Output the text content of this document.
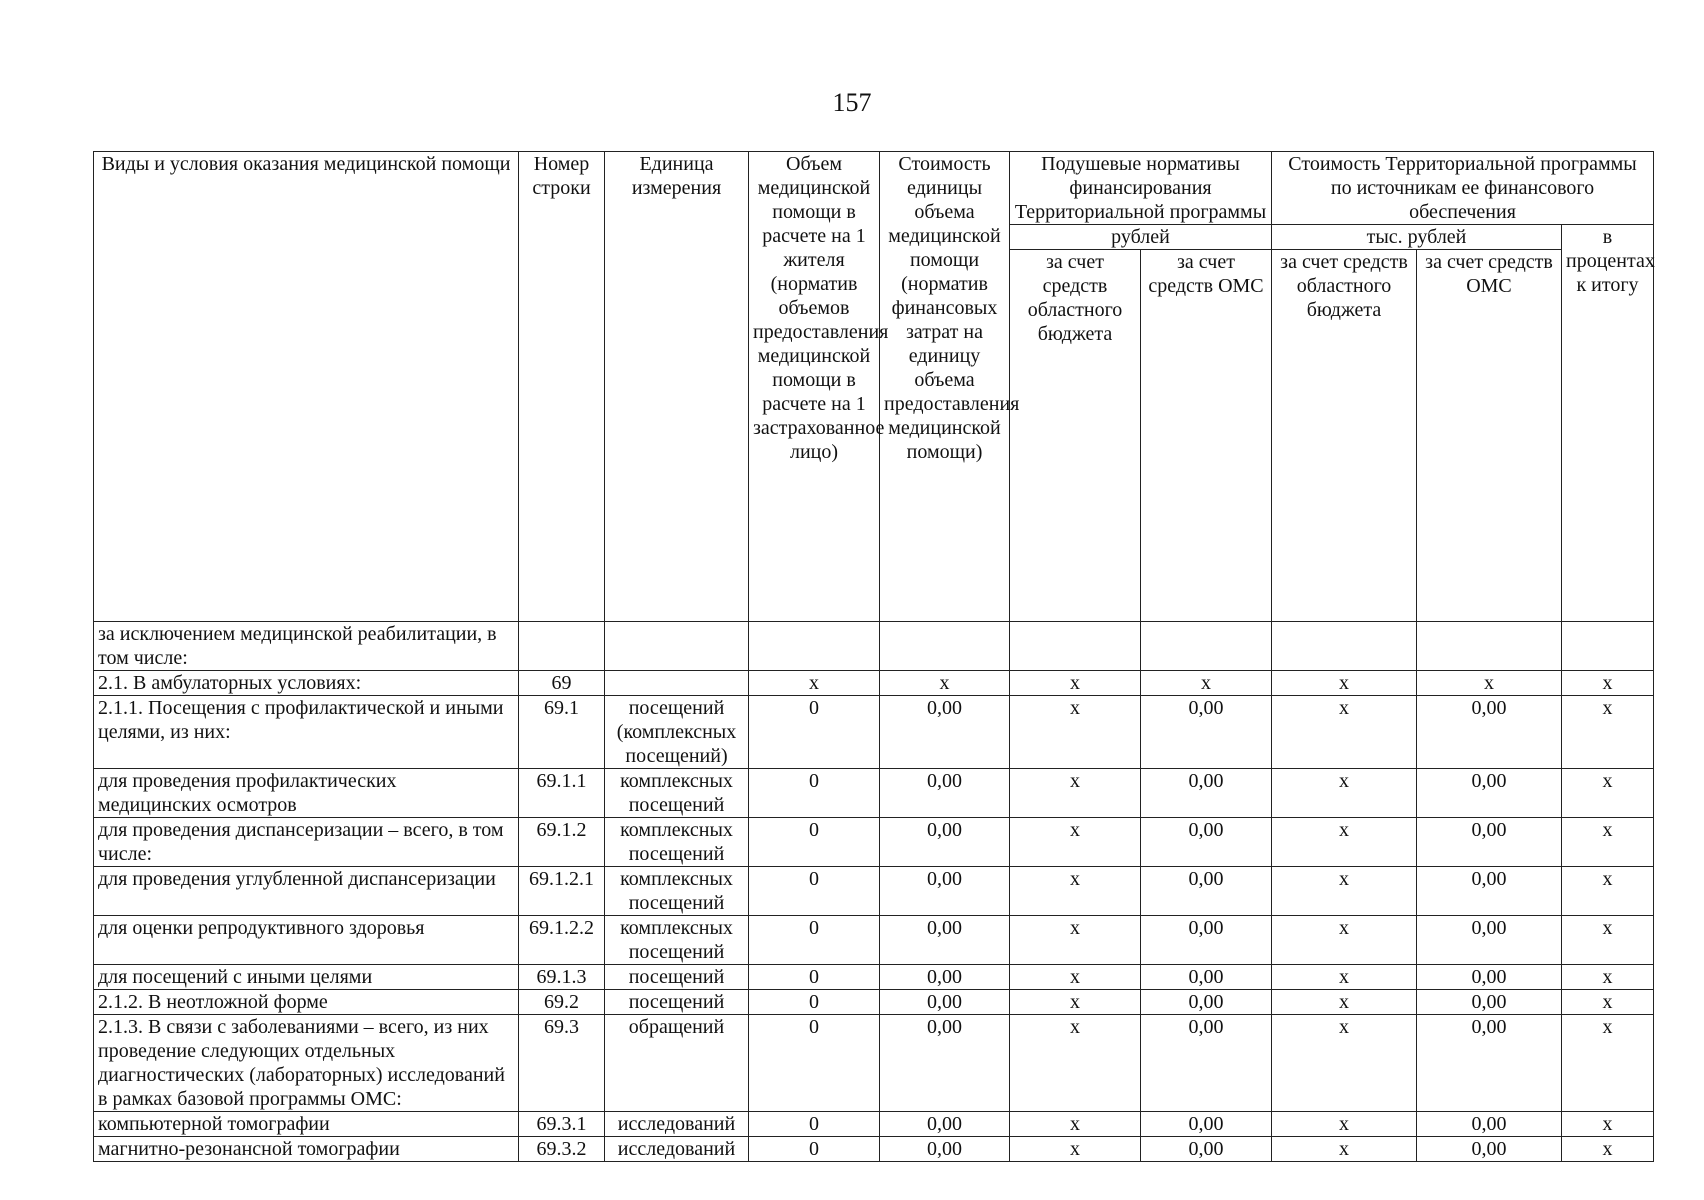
157
Виды и условия оказания медицинской помощи	Номер строки	Единица измерения	Объем медицинской помощи в расчете на 1 жителя (норматив объемов предоставления медицинской помощи в расчете на 1 застрахованное лицо)	Стоимость единицы объема медицинской помощи (норматив финансовых затрат на единицу объема предоставления медицинской помощи)	Подушевые нормативы финансирования Территориальной программы		Стоимость Территориальной программы по источникам ее финансового обеспечения		
					рублей		тыс. рублей		в процентах к итогу
					за счет средств областного бюджета	за счет средств ОМС	за счет средств областного бюджета	за счет средств ОМС	
за исключением медицинской реабилитации, в том числе:									
2.1. В амбулаторных условиях:	69		x	x	x	x	x	x	x
2.1.1. Посещения с профилактической и иными целями, из них:	69.1	посещений (комплексных посещений)	0	0,00	x	0,00	x	0,00	x
для проведения профилактических медицинских осмотров	69.1.1	комплексных посещений	0	0,00	x	0,00	x	0,00	x
для проведения диспансеризации – всего, в том числе:	69.1.2	комплексных посещений	0	0,00	x	0,00	x	0,00	x
для проведения углубленной диспансеризации	69.1.2.1	комплексных посещений	0	0,00	x	0,00	x	0,00	x
для оценки репродуктивного здоровья	69.1.2.2	комплексных посещений	0	0,00	x	0,00	x	0,00	x
для посещений с иными целями	69.1.3	посещений	0	0,00	x	0,00	x	0,00	x
2.1.2. В неотложной форме	69.2	посещений	0	0,00	x	0,00	x	0,00	x
2.1.3. В связи с заболеваниями – всего, из них проведение следующих отдельных диагностических (лабораторных) исследований в рамках базовой программы ОМС:	69.3	обращений	0	0,00	x	0,00	x	0,00	x
компьютерной томографии	69.3.1	исследований	0	0,00	x	0,00	x	0,00	x
магнитно-резонансной томографии	69.3.2	исследований	0	0,00	x	0,00	x	0,00	x
